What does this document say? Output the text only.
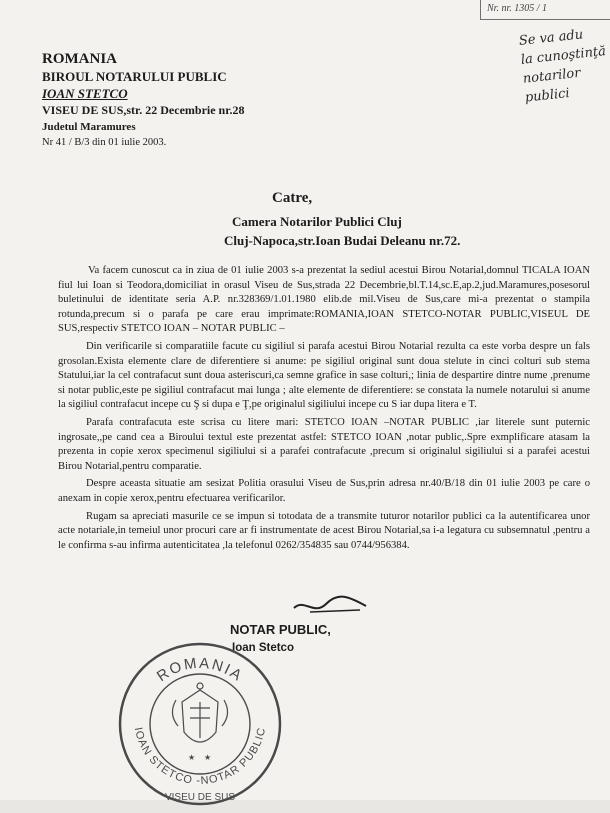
Nr. nr. 1305 / 1
Se va adu
la cunoştinţă
notarilor
publici
ROMANIA
BIROUL NOTARULUI PUBLIC
IOAN STETCO
VISEU DE SUS,str. 22 Decembrie nr.28
Judetul Maramures
Nr 41 / B/3 din 01 iulie 2003.
Catre,
Camera Notarilor Publici Cluj
Cluj-Napoca,str.Ioan Budai Deleanu nr.72.

Va facem cunoscut ca in ziua de 01 iulie 2003 s-a prezentat la sediul acestui Birou Notarial,domnul TICALA IOAN fiul lui Ioan si Teodora,domiciliat in orasul Viseu de Sus,strada 22 Decembrie,bl.T.14,sc.E,ap.2,jud.Maramures,posesorul buletinului de identitate seria A.P. nr.328369/1.01.1980 elib.de mil.Viseu de Sus,care mi-a prezentat o stampila rotunda,precum si o parafa pe care erau imprimate:ROMANIA,IOAN STETCO-NOTAR PUBLIC,VISEUL DE SUS,respectiv STETCO IOAN – NOTAR PUBLIC –

Din verificarile si comparatiile facute cu sigiliul si parafa acestui Birou Notarial rezulta ca este vorba despre un fals grosolan.Exista elemente clare de diferentiere si anume: pe sigiliul original sunt doua stelute in cinci colturi sub stema Statului,iar la cel contrafacut sunt doua asteriscuri,ca semne grafice in sase colturi,; linia de despartire dintre nume ,prenume si notar public,este pe sigiliul contrafacut mai lunga ; alte elemente de diferentiere: se constata la numele notarului si anume la sigiliul contrafacut incepe cu Ş si dupa e Ţ,pe originalul sigiliului incepe cu S iar dupa litera e T.

Parafa contrafacuta este scrisa cu litere mari: STETCO IOAN –NOTAR PUBLIC ,iar literele sunt puternic ingrosate,,pe cand cea a Biroului textul este prezentat astfel: STETCO IOAN ,notar public,.Spre exmplificare atasam la prezenta in copie xerox specimenul sigiliului si a parafei contrafacute ,precum si originalul sigiliului si a parafei acestui Birou Notarial,pentru comparatie.

Despre aceasta situatie am sesizat Politia orasului Viseu de Sus,prin adresa nr.40/B/18 din 01 iulie 2003 pe care o anexam in copie xerox,pentru efectuarea verificarilor.

Rugam sa apreciati masurile ce se impun si totodata de a transmite tuturor notarilor publici ca la autentificarea unor acte notariale,in temeiul unor procuri care ar fi instrumentate de acest Birou Notarial,sa i-a legatura cu subsemnatul ,pentru a le confirma s-au infirma autenticitatea ,la telefonul 0262/354835 sau 0744/956384.

NOTAR PUBLIC,
Ioan Stetco
ROMANIA
IOAN STETCO -NOTAR PUBLIC
★ ★
VISEU DE SUS
